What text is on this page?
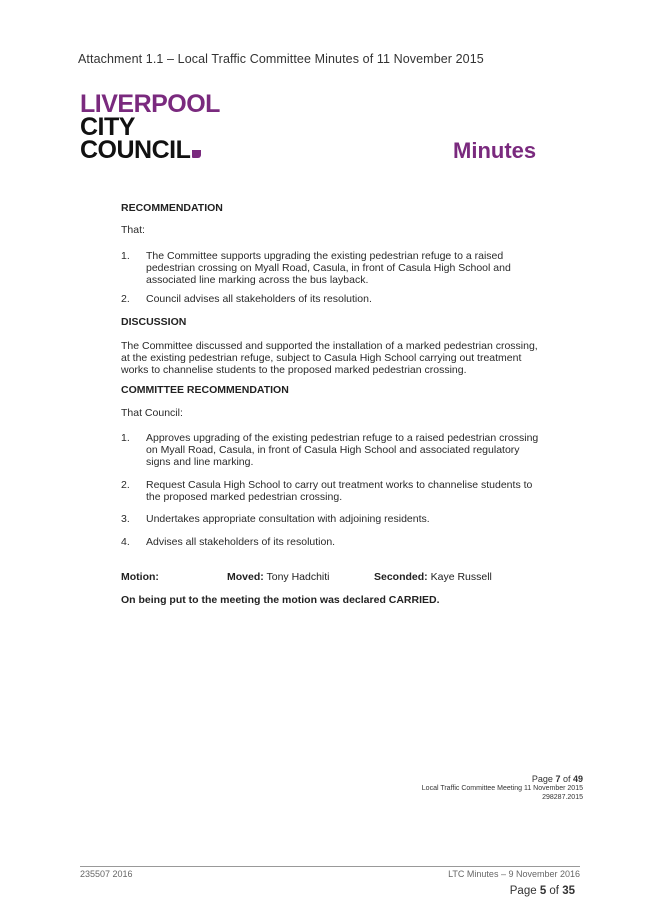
Attachment 1.1 – Local Traffic Committee Minutes of 11 November 2015
LIVERPOOL
CITY
COUNCIL	Minutes
RECOMMENDATION
That:
1. The Committee supports upgrading the existing pedestrian refuge to a raised pedestrian crossing on Myall Road, Casula, in front of Casula High School and associated line marking across the bus layback.
2. Council advises all stakeholders of its resolution.
DISCUSSION
The Committee discussed and supported the installation of a marked pedestrian crossing, at the existing pedestrian refuge, subject to Casula High School carrying out treatment works to channelise students to the proposed marked pedestrian crossing.
COMMITTEE RECOMMENDATION
That Council:
1. Approves upgrading of the existing pedestrian refuge to a raised pedestrian crossing on Myall Road, Casula, in front of Casula High School and associated regulatory signs and line marking.
2. Request Casula High School to carry out treatment works to channelise students to the proposed marked pedestrian crossing.
3. Undertakes appropriate consultation with adjoining residents.
4. Advises all stakeholders of its resolution.
Motion:	Moved: Tony Hadchiti	Seconded: Kaye Russell
On being put to the meeting the motion was declared CARRIED.
Page 7 of 49
Local Traffic Committee Meeting 11 November 2015
298287.2015
235507 2016	LTC Minutes – 9 November 2016
Page 5 of 35
